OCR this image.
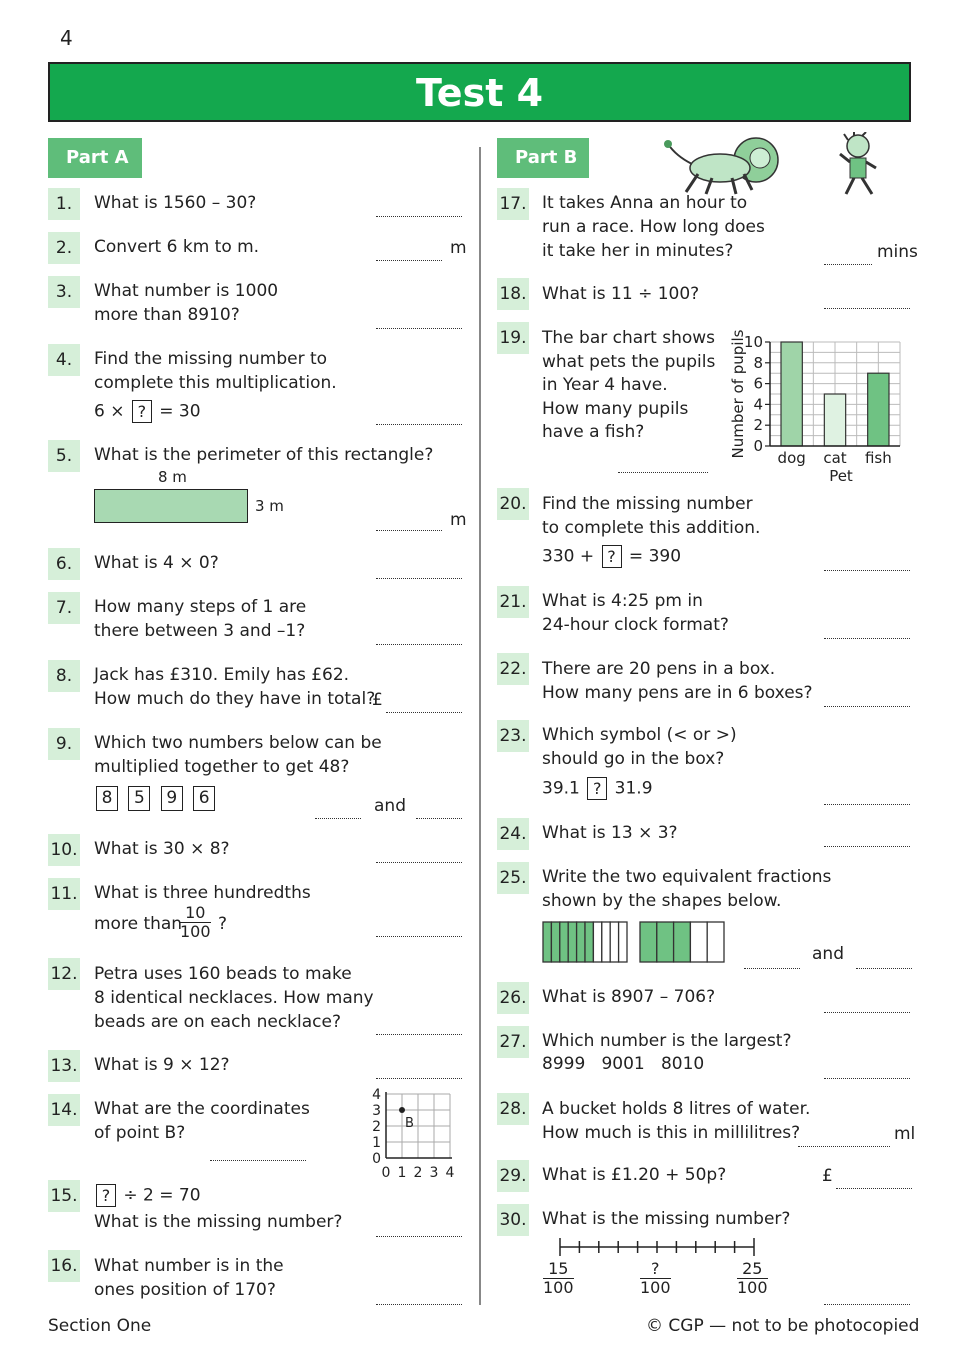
4
Test 4
Part A	Part B
1.	What is 1560 – 30?
2.	Convert 6 km to m.	m
3.	What number is 1000
more than 8910?
4.	Find the missing number to
complete this multiplication.
6 × ? = 30
5.	What is the perimeter of this rectangle?
8 m
3 m
m
6.	What is 4 × 0?
7.	How many steps of 1 are
there between 3 and –1?
8.	Jack has £310. Emily has £62.
How much do they have in total?
£
9.	Which two numbers below can be
multiplied together to get 48?
8 5 9 6	and
10. What is 30 × 8?
11. What is three hundredths
more than
$\frac{10}{100}$ ?
12. Petra uses 160 beads to make
8 identical necklaces. How many
beads are on each necklace?
13. What is 9 × 12?
14. What are the coordinates
of point B?
0 1 2 3 4
0
1
2
3
4
B
15.	? ÷ 2 = 70
What is the missing number?
16. What number is in the
ones position of 170?
17. It takes Anna an hour to
run a race. How long does
it take her in minutes?	mins
18. What is 11 ÷ 100?
19. The bar chart shows
what pets the pupils
in Year 4 have.
How many pupils
have a fish?
dog cat fish
0
2
4
6
8
10
Pet
Number of pupils
20. Find the missing number
to complete this addition.
330 + ? = 390
21. What is 4:25 pm in
24-hour clock format?
22. There are 20 pens in a box.
How many pens are in 6 boxes?
23. Which symbol (< or >)
should go in the box?
39.1 ? 31.9
24. What is 13 × 3?
25. Write the two equivalent fractions
shown by the shapes below.
and
26. What is 8907 – 706?
27. Which number is the largest?
8999   9001   8010
28. A bucket holds 8 litres of water.
How much is this in millilitres?	ml
29. What is £1.20 + 50p?	£
30. What is the missing number?
$\frac{15}{100}$	$\frac{?}{100}$	$\frac{25}{100}$
Section One	© CGP — not to be photocopied
